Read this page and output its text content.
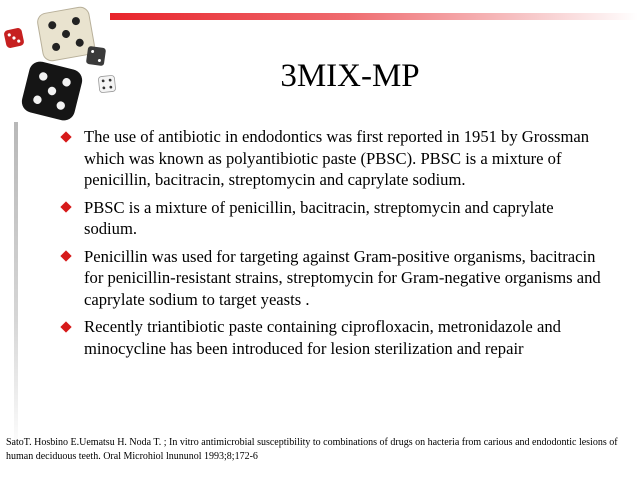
3MIX-MP
The use of antibiotic in endodontics was first reported in 1951 by Grossman which was known as polyantibiotic paste (PBSC). PBSC is a mixture of penicillin, bacitracin, streptomycin and caprylate sodium.
PBSC is a mixture of penicillin, bacitracin, streptomycin and caprylate sodium.
Penicillin was used for targeting against Gram-positive organisms, bacitracin for penicillin-resistant strains, streptomycin for Gram-negative organisms and caprylate sodium to target yeasts .
Recently triantibiotic paste containing ciprofloxacin, metronidazole and minocycline has been introduced for lesion sterilization and repair
SatoT. Hosbino E.Uematsu H. Noda T. ; In vitro antimicrobial susceptibility to combinations of drugs on hacteria from carious and endodontic lesions of human deciduous teeth. Oral Microhiol lnununol 1993;8;172-6
